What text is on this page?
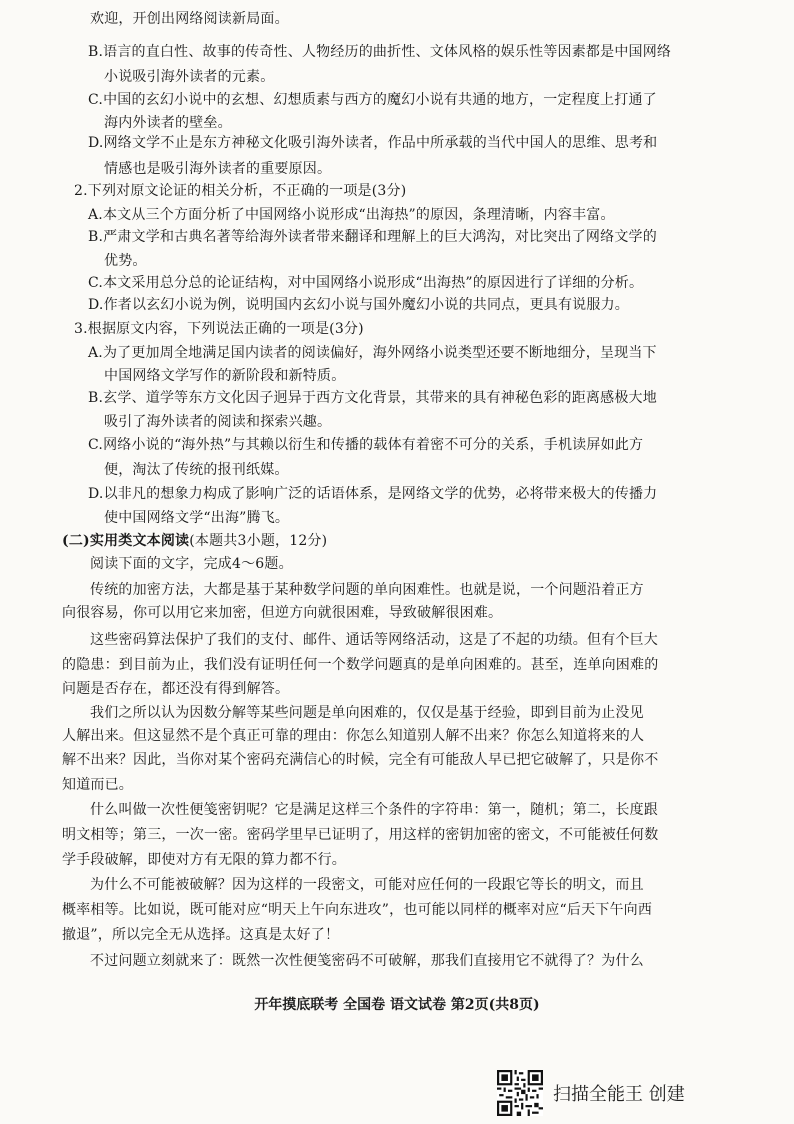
欢迎，开创出网络阅读新局面。
B.语言的直白性、故事的传奇性、人物经历的曲折性、文体风格的娱乐性等因素都是中国网络
小说吸引海外读者的元素。
C.中国的玄幻小说中的玄想、幻想质素与西方的魔幻小说有共通的地方，一定程度上打通了
海内外读者的壁垒。
D.网络文学不止是东方神秘文化吸引海外读者，作品中所承载的当代中国人的思维、思考和
情感也是吸引海外读者的重要原因。
2.下列对原文论证的相关分析，不正确的一项是(3分)
A.本文从三个方面分析了中国网络小说形成“出海热”的原因，条理清晰，内容丰富。
B.严肃文学和古典名著等给海外读者带来翻译和理解上的巨大鸿沟，对比突出了网络文学的
优势。
C.本文采用总分总的论证结构，对中国网络小说形成“出海热”的原因进行了详细的分析。
D.作者以玄幻小说为例，说明国内玄幻小说与国外魔幻小说的共同点，更具有说服力。
3.根据原文内容，下列说法正确的一项是(3分)
A.为了更加周全地满足国内读者的阅读偏好，海外网络小说类型还要不断地细分，呈现当下
中国网络文学写作的新阶段和新特质。
B.玄学、道学等东方文化因子迥异于西方文化背景，其带来的具有神秘色彩的距离感极大地
吸引了海外读者的阅读和探索兴趣。
C.网络小说的“海外热”与其赖以衍生和传播的载体有着密不可分的关系，手机读屏如此方
便，淘汰了传统的报刊纸媒。
D.以非凡的想象力构成了影响广泛的话语体系，是网络文学的优势，必将带来极大的传播力
使中国网络文学“出海”腾飞。
(二)实用类文本阅读(本题共3小题，12分)
阅读下面的文字，完成4～6题。
传统的加密方法，大都是基于某种数学问题的单向困难性。也就是说，一个问题沿着正方
向很容易，你可以用它来加密，但逆方向就很困难，导致破解很困难。
这些密码算法保护了我们的支付、邮件、通话等网络活动，这是了不起的功绩。但有个巨大
的隐患：到目前为止，我们没有证明任何一个数学问题真的是单向困难的。甚至，连单向困难的
问题是否存在，都还没有得到解答。
我们之所以认为因数分解等某些问题是单向困难的，仅仅是基于经验，即到目前为止没见
人解出来。但这显然不是个真正可靠的理由：你怎么知道别人解不出来？你怎么知道将来的人
解不出来？因此，当你对某个密码充满信心的时候，完全有可能敌人早已把它破解了，只是你不
知道而已。
什么叫做一次性便笺密钥呢？它是满足这样三个条件的字符串：第一，随机；第二，长度跟
明文相等；第三，一次一密。密码学里早已证明了，用这样的密钥加密的密文，不可能被任何数
学手段破解，即使对方有无限的算力都不行。
为什么不可能被破解？因为这样的一段密文，可能对应任何的一段跟它等长的明文，而且
概率相等。比如说，既可能对应“明天上午向东进攻”，也可能以同样的概率对应“后天下午向西
撤退”，所以完全无从选择。这真是太好了！
不过问题立刻就来了：既然一次性便笺密码不可破解，那我们直接用它不就得了？为什么
开年摸底联考 全国卷 语文试卷 第2页(共8页)
扫描全能王 创建
